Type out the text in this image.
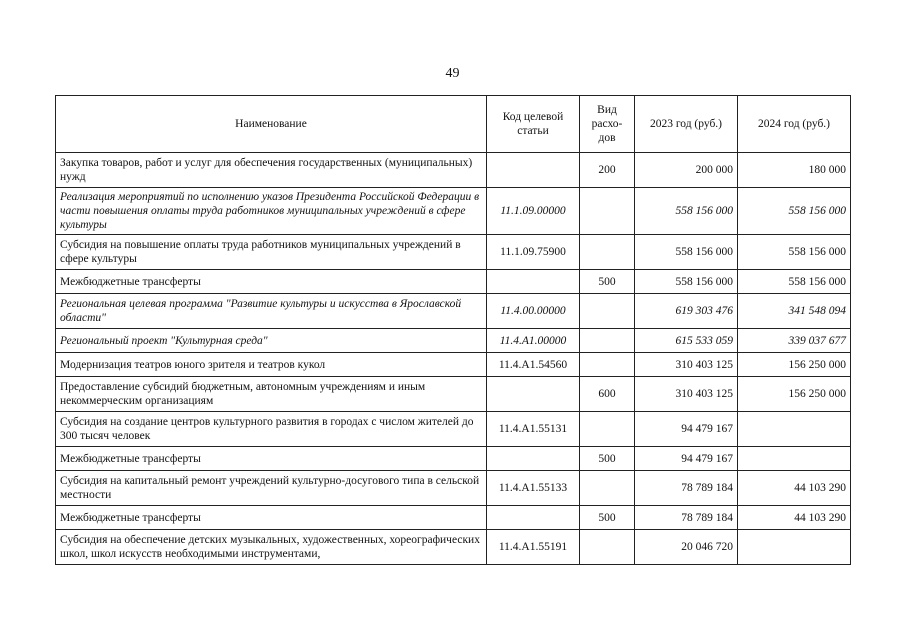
49
Наименование	Код целевой статьи	Вид расхо-дов	2023 год (руб.)	2024 год (руб.)
Закупка товаров, работ и услуг для обеспечения государственных (муниципальных) нужд		200	200 000	180 000
Реализация мероприятий по исполнению указов Президента Российской Федерации в части повышения оплаты труда работников муниципальных учреждений в сфере культуры	11.1.09.00000		558 156 000	558 156 000
Субсидия на повышение оплаты труда работников муниципальных учреждений в сфере культуры	11.1.09.75900		558 156 000	558 156 000
Межбюджетные трансферты		500	558 156 000	558 156 000
Региональная целевая программа "Развитие культуры и искусства в Ярославской области"	11.4.00.00000		619 303 476	341 548 094
Региональный проект "Культурная среда"	11.4.A1.00000		615 533 059	339 037 677
Модернизация театров юного зрителя и театров кукол	11.4.A1.54560		310 403 125	156 250 000
Предоставление субсидий бюджетным, автономным учреждениям и иным некоммерческим организациям		600	310 403 125	156 250 000
Субсидия на создание центров культурного развития в городах с числом жителей до 300 тысяч человек	11.4.A1.55131		94 479 167	
Межбюджетные трансферты		500	94 479 167	
Субсидия на капитальный ремонт учреждений культурно-досугового типа в сельской местности	11.4.A1.55133		78 789 184	44 103 290
Межбюджетные трансферты		500	78 789 184	44 103 290
Субсидия на обеспечение детских музыкальных, художественных, хореографических школ, школ искусств необходимыми инструментами,	11.4.A1.55191		20 046 720	
